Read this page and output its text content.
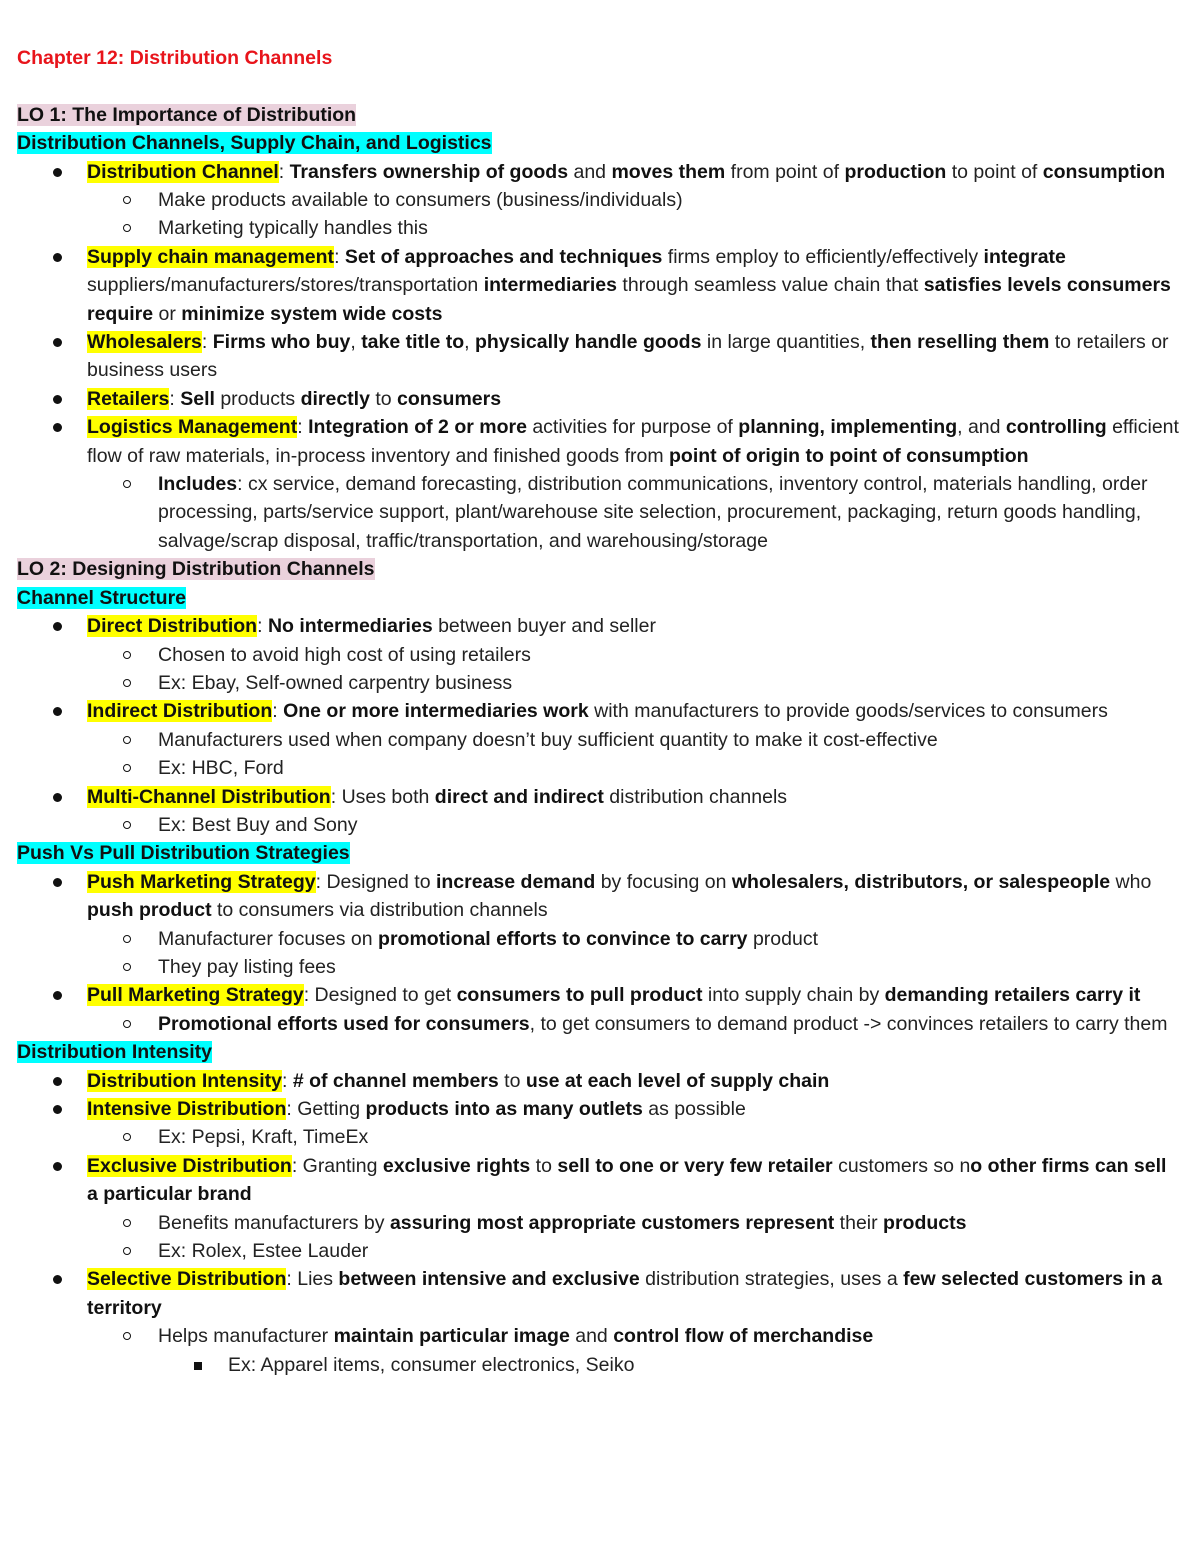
Chapter 12: Distribution Channels
LO 1: The Importance of Distribution
Distribution Channels, Supply Chain, and Logistics
Distribution Channel: Transfers ownership of goods and moves them from point of production to point of consumption
Make products available to consumers (business/individuals)
Marketing typically handles this
Supply chain management: Set of approaches and techniques firms employ to efficiently/effectively integrate suppliers/manufacturers/stores/transportation intermediaries through seamless value chain that satisfies levels consumers require or minimize system wide costs
Wholesalers: Firms who buy, take title to, physically handle goods in large quantities, then reselling them to retailers or business users
Retailers: Sell products directly to consumers
Logistics Management: Integration of 2 or more activities for purpose of planning, implementing, and controlling efficient flow of raw materials, in-process inventory and finished goods from point of origin to point of consumption
Includes: cx service, demand forecasting, distribution communications, inventory control, materials handling, order processing, parts/service support, plant/warehouse site selection, procurement, packaging, return goods handling, salvage/scrap disposal, traffic/transportation, and warehousing/storage
LO 2: Designing Distribution Channels
Channel Structure
Direct Distribution: No intermediaries between buyer and seller
Chosen to avoid high cost of using retailers
Ex: Ebay, Self-owned carpentry business
Indirect Distribution: One or more intermediaries work with manufacturers to provide goods/services to consumers
Manufacturers used when company doesn’t buy sufficient quantity to make it cost-effective
Ex: HBC, Ford
Multi-Channel Distribution: Uses both direct and indirect distribution channels
Ex: Best Buy and Sony
Push Vs Pull Distribution Strategies
Push Marketing Strategy: Designed to increase demand by focusing on wholesalers, distributors, or salespeople who push product to consumers via distribution channels
Manufacturer focuses on promotional efforts to convince to carry product
They pay listing fees
Pull Marketing Strategy: Designed to get consumers to pull product into supply chain by demanding retailers carry it
Promotional efforts used for consumers, to get consumers to demand product -> convinces retailers to carry them
Distribution Intensity
Distribution Intensity: # of channel members to use at each level of supply chain
Intensive Distribution: Getting products into as many outlets as possible
Ex: Pepsi, Kraft, TimeEx
Exclusive Distribution: Granting exclusive rights to sell to one or very few retailer customers so no other firms can sell a particular brand
Benefits manufacturers by assuring most appropriate customers represent their products
Ex: Rolex, Estee Lauder
Selective Distribution: Lies between intensive and exclusive distribution strategies, uses a few selected customers in a territory
Helps manufacturer maintain particular image and control flow of merchandise
Ex: Apparel items, consumer electronics, Seiko
